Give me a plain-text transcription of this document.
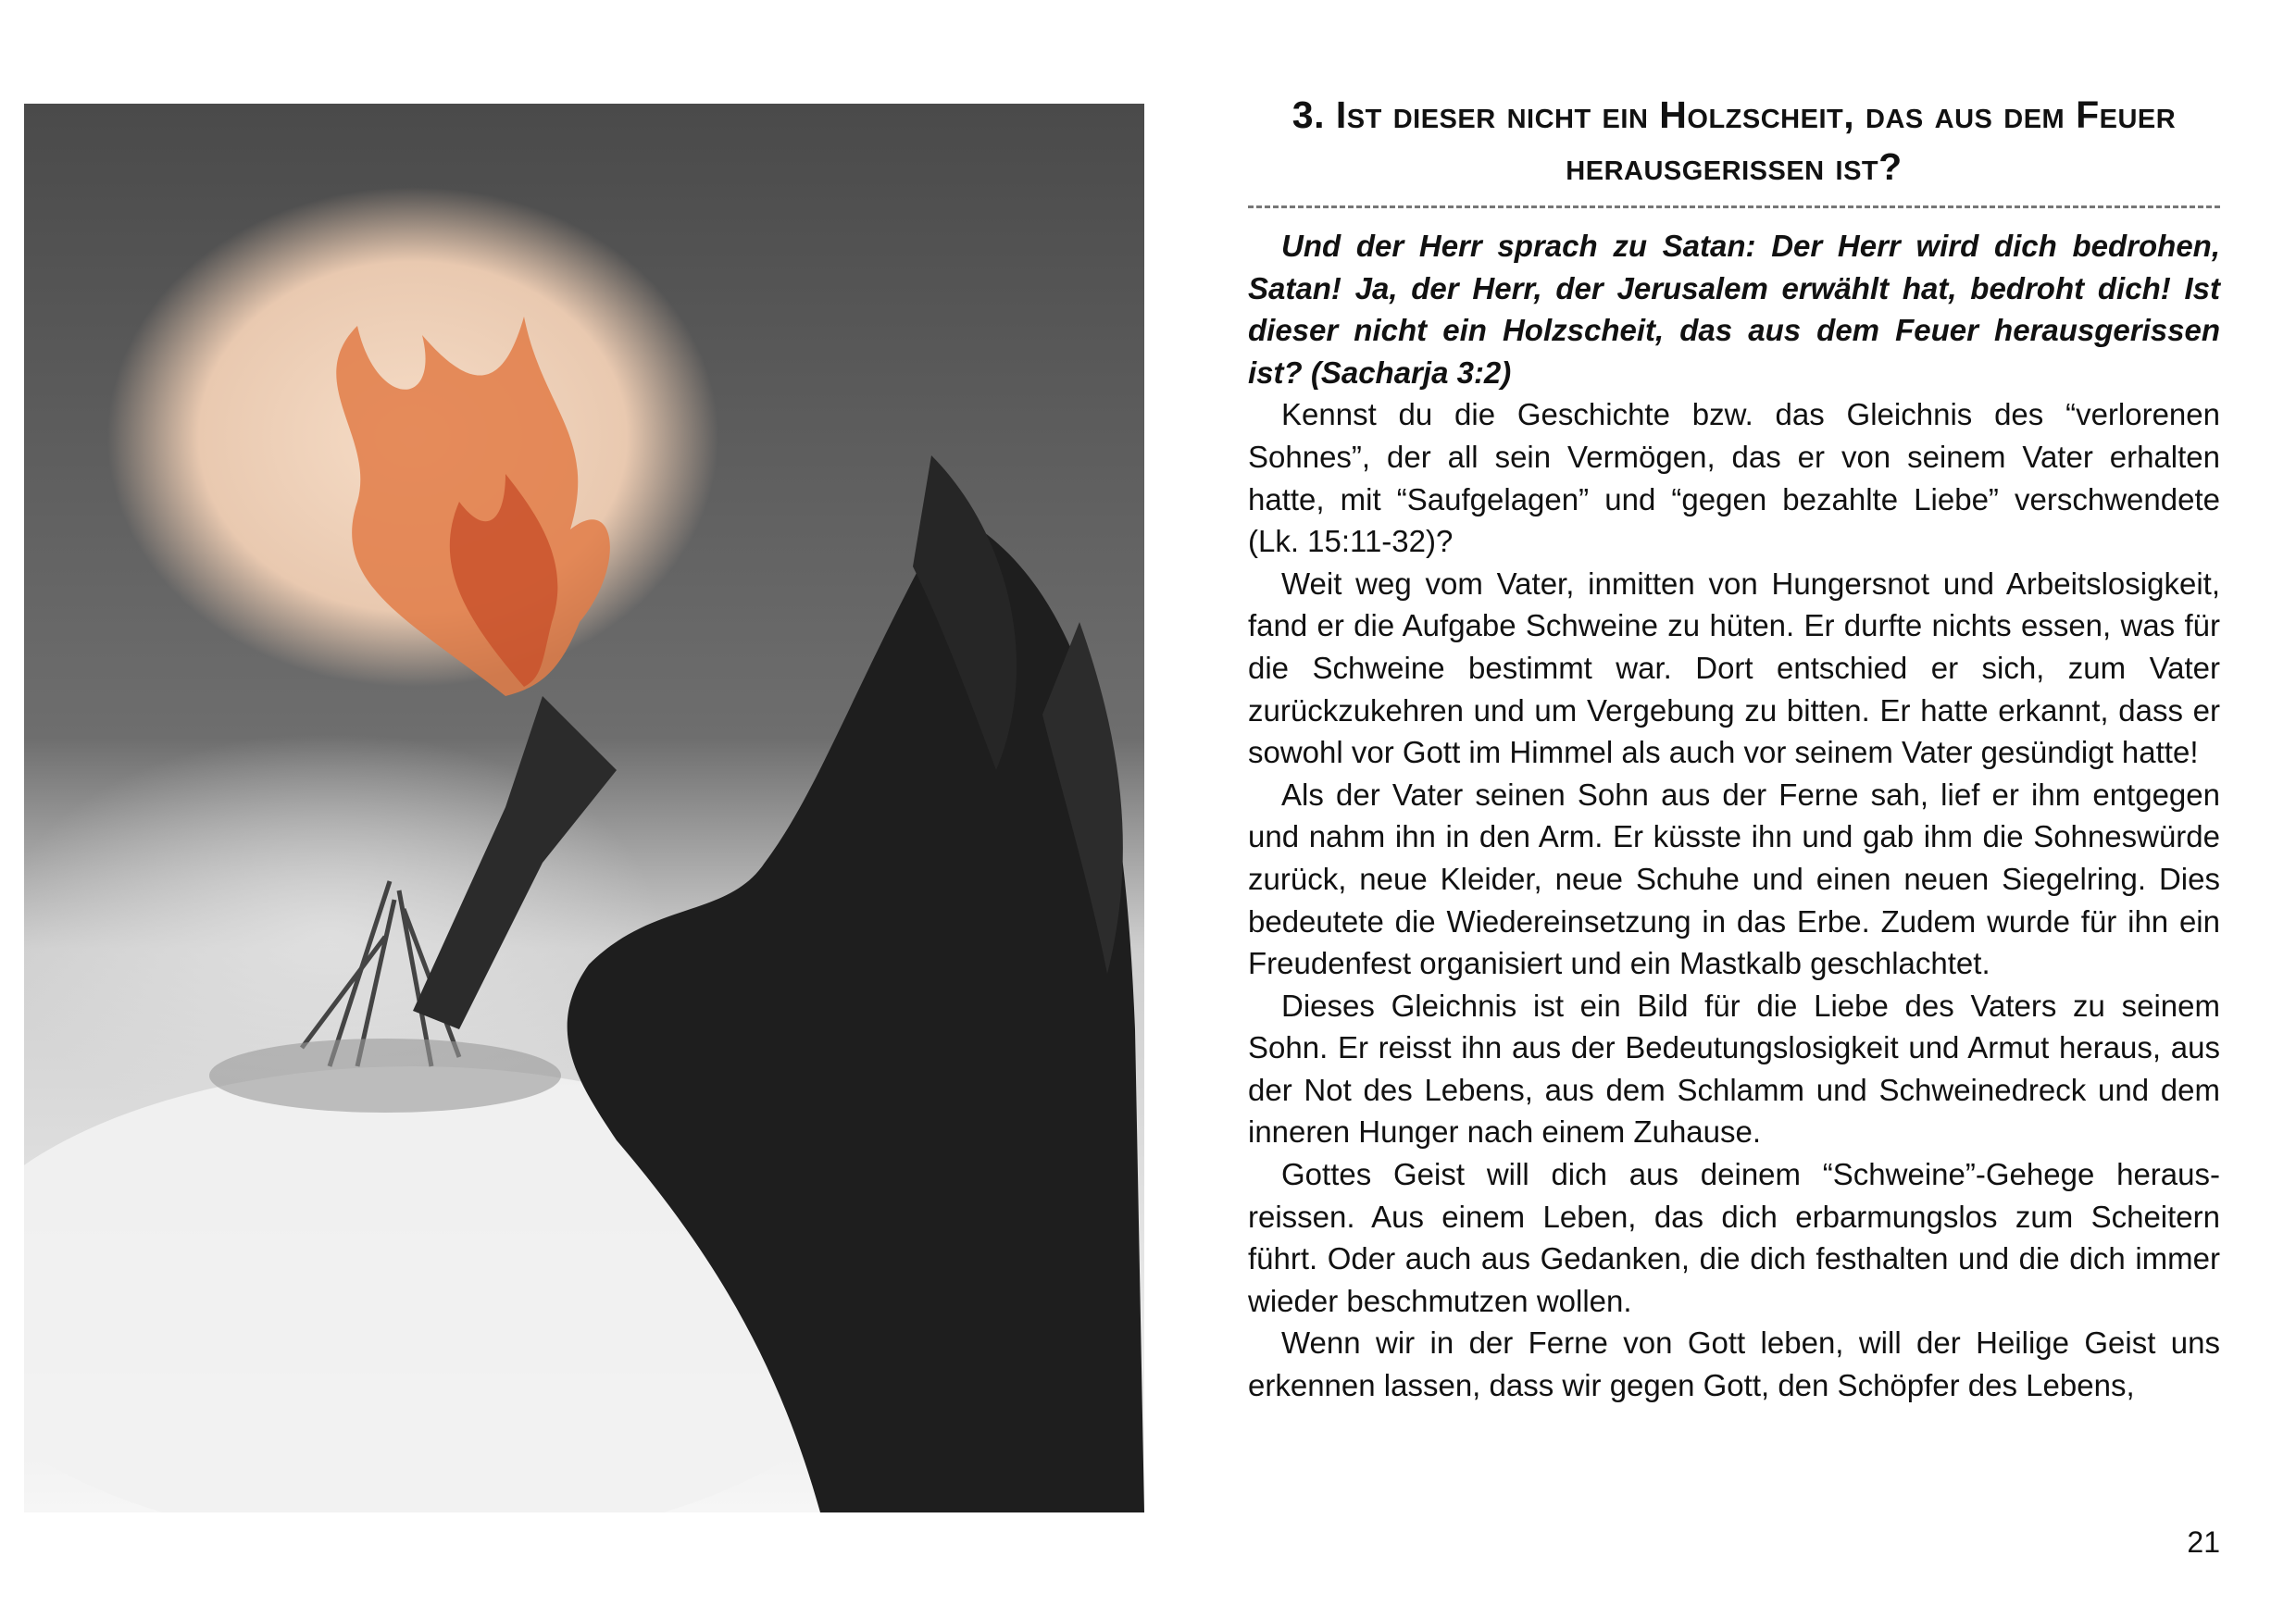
3. Ist dieser nicht ein Holzscheit, das aus dem Feuer herausgerissen ist?

Und der Herr sprach zu Satan: Der Herr wird dich bedrohen, Satan! Ja, der Herr, der Jerusalem erwählt hat, bedroht dich! Ist dieser nicht ein Holzscheit, das aus dem Feuer herausgerissen ist? (Sacharja 3:2)

Kennst du die Geschichte bzw. das Gleichnis des “verlorenen Sohnes”, der all sein Vermögen, das er von seinem Vater erhalten hatte, mit “Saufgelagen” und “gegen bezahlte Liebe” verschwendete (Lk. 15:11-32)?

Weit weg vom Vater, inmitten von Hungersnot und Arbeitslosigkeit, fand er die Aufgabe Schweine zu hüten. Er durfte nichts essen, was für die Schweine bestimmt war. Dort entschied er sich, zum Vater zurückzukehren und um Vergebung zu bitten. Er hatte erkannt, dass er sowohl vor Gott im Himmel als auch vor seinem Vater gesündigt hatte!

Als der Vater seinen Sohn aus der Ferne sah, lief er ihm entgegen und nahm ihn in den Arm. Er küsste ihn und gab ihm die Sohneswürde zurück, neue Kleider, neue Schuhe und einen neuen Siegelring. Dies bedeutete die Wiedereinsetzung in das Erbe. Zudem wurde für ihn ein Freudenfest organisiert und ein Mastkalb geschlachtet.

Dieses Gleichnis ist ein Bild für die Liebe des Vaters zu seinem Sohn. Er reisst ihn aus der Bedeutungslosigkeit und Armut heraus, aus der Not des Lebens, aus dem Schlamm und Schweinedreck und dem inneren Hunger nach einem Zuhause.

Gottes Geist will dich aus deinem “Schweine”-Gehege herausreissen. Aus einem Leben, das dich erbarmungslos zum Scheitern führt. Oder auch aus Gedanken, die dich festhalten und die dich immer wieder beschmutzen wollen.

Wenn wir in der Ferne von Gott leben, will der Heilige Geist uns erkennen lassen, dass wir gegen Gott, den Schöpfer des Lebens,

21
